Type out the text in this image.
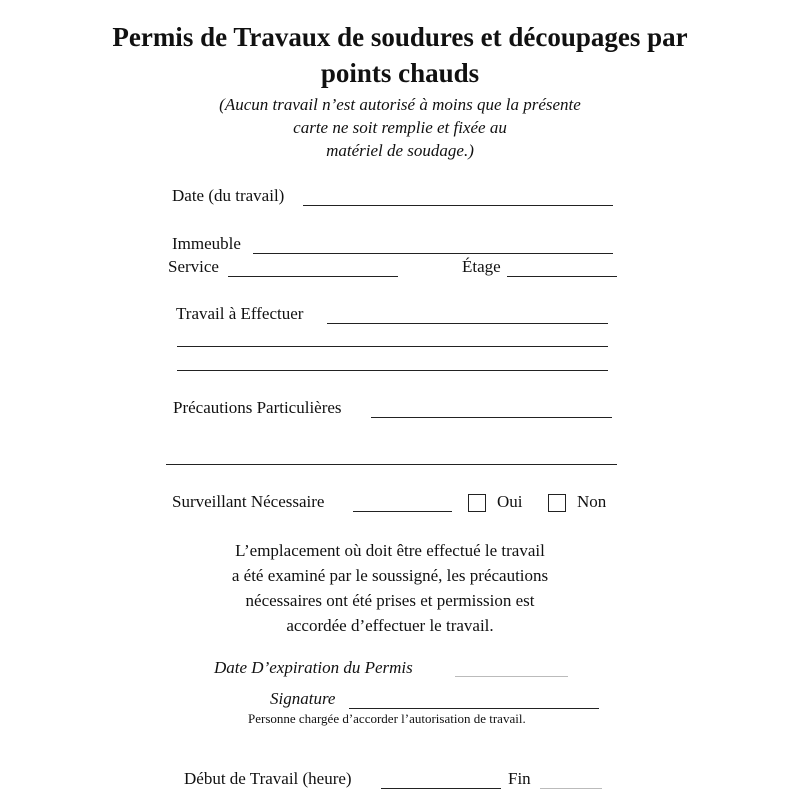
Permis de Travaux de soudures et découpages par
points chauds
(Aucun travail n’est autorisé à moins que la présente
carte ne soit remplie et fixée au
matériel de soudage.)
Date (du travail)
Immeuble
Service	Étage
Travail à Effectuer
Précautions Particulières
Surveillant Nécessaire	Oui	Non
L’emplacement où doit être effectué le travail
a été examiné par le soussigné, les précautions
nécessaires ont été prises et permission est
accordée d’effectuer le travail.
Date D’expiration du Permis
Signature
Personne chargée d’accorder l’autorisation de travail.
Début de Travail (heure)	Fin
